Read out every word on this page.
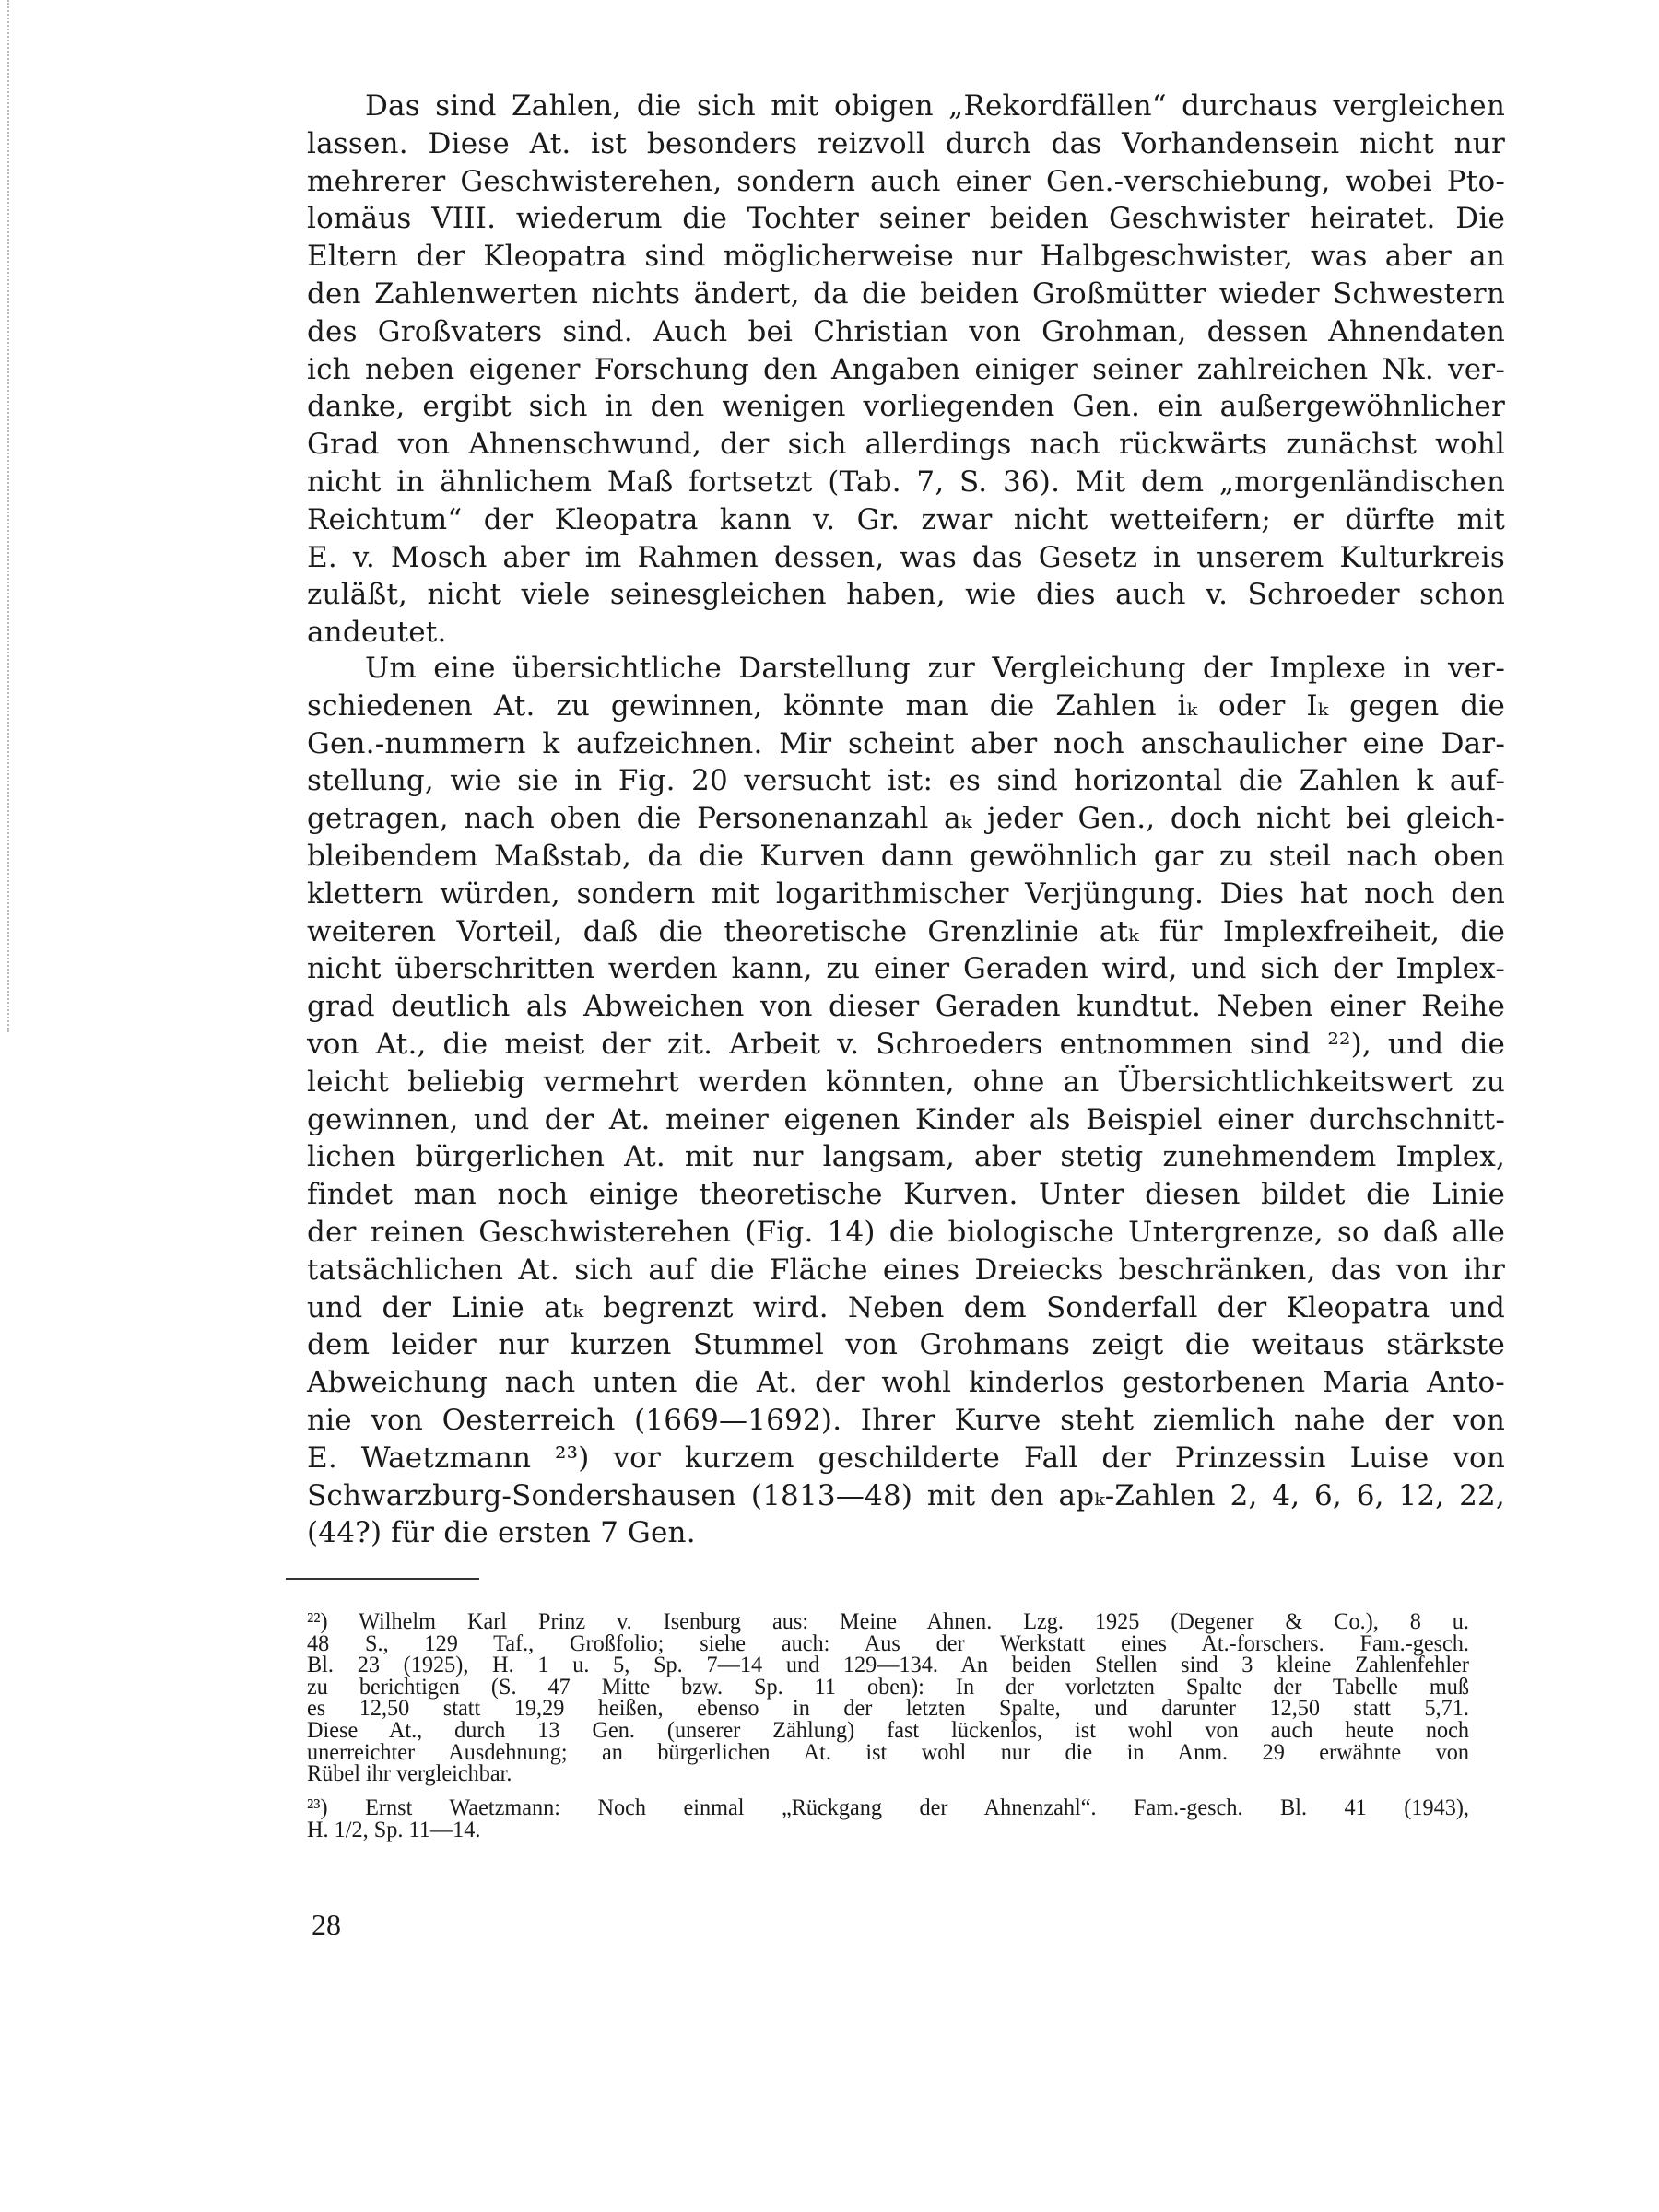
Das sind Zahlen, die sich mit obigen „Rekordfällen“ durchaus vergleichen
lassen. Diese At. ist besonders reizvoll durch das Vorhandensein nicht nur
mehrerer Geschwisterehen, sondern auch einer Gen.-verschiebung, wobei Pto-
lomäus VIII. wiederum die Tochter seiner beiden Geschwister heiratet. Die
Eltern der Kleopatra sind möglicherweise nur Halbgeschwister, was aber an
den Zahlenwerten nichts ändert, da die beiden Großmütter wieder Schwestern
des Großvaters sind. Auch bei Christian von Grohman, dessen Ahnendaten
ich neben eigener Forschung den Angaben einiger seiner zahlreichen Nk. ver-
danke, ergibt sich in den wenigen vorliegenden Gen. ein außergewöhnlicher
Grad von Ahnenschwund, der sich allerdings nach rückwärts zunächst wohl
nicht in ähnlichem Maß fortsetzt (Tab. 7, S. 36). Mit dem „morgenländischen
Reichtum“ der Kleopatra kann v. Gr. zwar nicht wetteifern; er dürfte mit
E. v. Mosch aber im Rahmen dessen, was das Gesetz in unserem Kulturkreis
zuläßt, nicht viele seinesgleichen haben, wie dies auch v. Schroeder schon
andeutet.
Um eine übersichtliche Darstellung zur Vergleichung der Implexe in ver-
schiedenen At. zu gewinnen, könnte man die Zahlen iₖ oder Iₖ gegen die
Gen.-nummern k aufzeichnen. Mir scheint aber noch anschaulicher eine Dar-
stellung, wie sie in Fig. 20 versucht ist: es sind horizontal die Zahlen k auf-
getragen, nach oben die Personenanzahl aₖ jeder Gen., doch nicht bei gleich-
bleibendem Maßstab, da die Kurven dann gewöhnlich gar zu steil nach oben
klettern würden, sondern mit logarithmischer Verjüngung. Dies hat noch den
weiteren Vorteil, daß die theoretische Grenzlinie atₖ für Implexfreiheit, die
nicht überschritten werden kann, zu einer Geraden wird, und sich der Implex-
grad deutlich als Abweichen von dieser Geraden kundtut. Neben einer Reihe
von At., die meist der zit. Arbeit v. Schroeders entnommen sind ²²), und die
leicht beliebig vermehrt werden könnten, ohne an Übersichtlichkeitswert zu
gewinnen, und der At. meiner eigenen Kinder als Beispiel einer durchschnitt-
lichen bürgerlichen At. mit nur langsam, aber stetig zunehmendem Implex,
findet man noch einige theoretische Kurven. Unter diesen bildet die Linie
der reinen Geschwisterehen (Fig. 14) die biologische Untergrenze, so daß alle
tatsächlichen At. sich auf die Fläche eines Dreiecks beschränken, das von ihr
und der Linie atₖ begrenzt wird. Neben dem Sonderfall der Kleopatra und
dem leider nur kurzen Stummel von Grohmans zeigt die weitaus stärkste
Abweichung nach unten die At. der wohl kinderlos gestorbenen Maria Anto-
nie von Oesterreich (1669—1692). Ihrer Kurve steht ziemlich nahe der von
E. Waetzmann ²³) vor kurzem geschilderte Fall der Prinzessin Luise von
Schwarzburg-Sondershausen (1813—48) mit den apₖ-Zahlen 2, 4, 6, 6, 12, 22,
(44?) für die ersten 7 Gen.
²²) Wilhelm Karl Prinz v. Isenburg aus: Meine Ahnen. Lzg. 1925 (Degener & Co.), 8 u.
48 S., 129 Taf., Großfolio; siehe auch: Aus der Werkstatt eines At.-forschers. Fam.-gesch.
Bl. 23 (1925), H. 1 u. 5, Sp. 7—14 und 129—134. An beiden Stellen sind 3 kleine Zahlenfehler
zu berichtigen (S. 47 Mitte bzw. Sp. 11 oben): In der vorletzten Spalte der Tabelle muß
es 12,50 statt 19,29 heißen, ebenso in der letzten Spalte, und darunter 12,50 statt 5,71.
Diese At., durch 13 Gen. (unserer Zählung) fast lückenlos, ist wohl von auch heute noch
unerreichter Ausdehnung; an bürgerlichen At. ist wohl nur die in Anm. 29 erwähnte von
Rübel ihr vergleichbar.
²³) Ernst Waetzmann: Noch einmal „Rückgang der Ahnenzahl“. Fam.-gesch. Bl. 41 (1943),
H. 1/2, Sp. 11—14.
28
